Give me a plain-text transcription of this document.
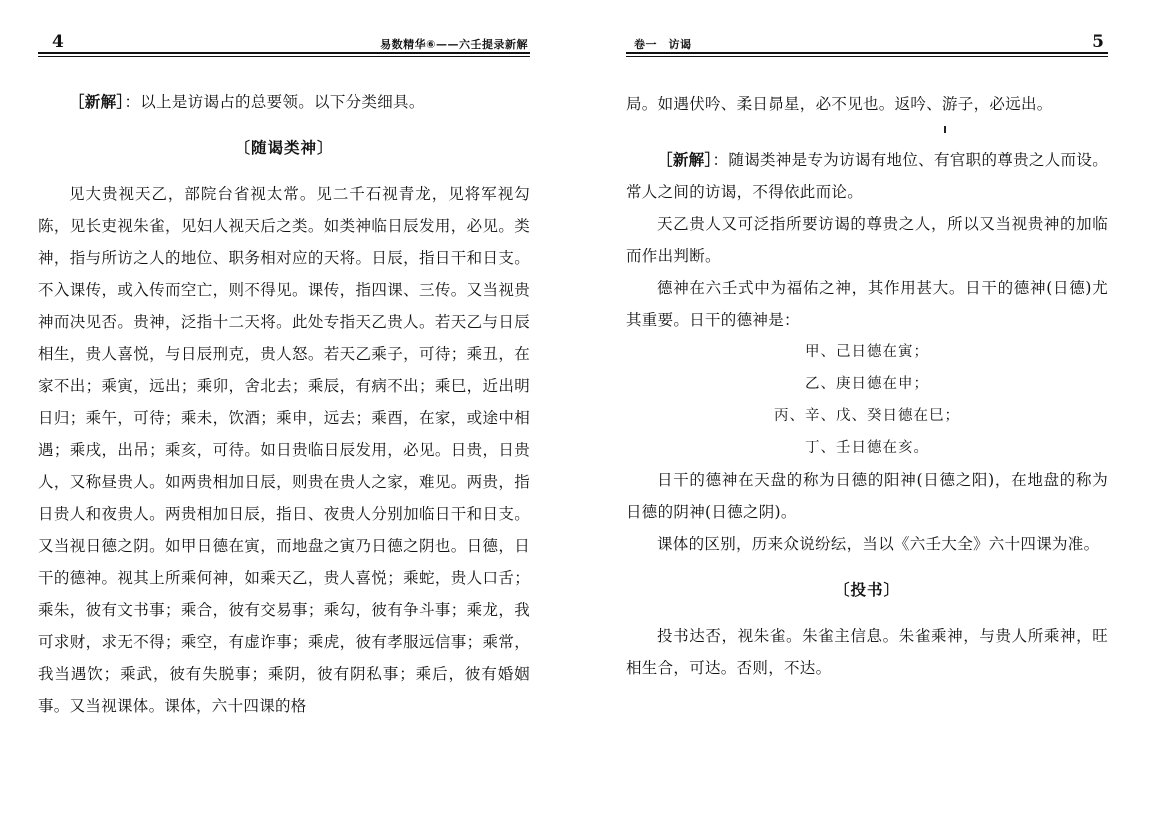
4	易数精华⑥——六壬提录新解

［新解］：以上是访谒占的总要领。以下分类细具。

〔随谒类神〕

见大贵视天乙，部院台省视太常。见二千石视青龙，见将军视勾陈，见长吏视朱雀，见妇人视天后之类。如类神临日辰发用，必见。类神，指与所访之人的地位、职务相对应的天将。日辰，指日干和日支。不入课传，或入传而空亡，则不得见。课传，指四课、三传。又当视贵神而决见否。贵神，泛指十二天将。此处专指天乙贵人。若天乙与日辰相生，贵人喜悦，与日辰刑克，贵人怒。若天乙乘子，可待；乘丑，在家不出；乘寅，远出；乘卯，舍北去；乘辰，有病不出；乘巳，近出明日归；乘午，可待；乘未，饮酒；乘申，远去；乘酉，在家，或途中相遇；乘戌，出吊；乘亥，可待。如日贵临日辰发用，必见。日贵，日贵人，又称昼贵人。如两贵相加日辰，则贵在贵人之家，难见。两贵，指日贵人和夜贵人。两贵相加日辰，指日、夜贵人分别加临日干和日支。又当视日德之阴。如甲日德在寅，而地盘之寅乃日德之阴也。日德，日干的德神。视其上所乘何神，如乘天乙，贵人喜悦；乘蛇，贵人口舌；乘朱，彼有文书事；乘合，彼有交易事；乘勾，彼有争斗事；乘龙，我可求财，求无不得；乘空，有虚诈事；乘虎，彼有孝服远信事；乘常，我当遇饮；乘武，彼有失脱事；乘阴，彼有阴私事；乘后，彼有婚姻事。又当视课体。课体，六十四课的格

卷一　访谒	5

局。如遇伏吟、柔日昴星，必不见也。返吟、游子，必远出。

［新解］：随谒类神是专为访谒有地位、有官职的尊贵之人而设。常人之间的访谒，不得依此而论。

天乙贵人又可泛指所要访谒的尊贵之人，所以又当视贵神的加临而作出判断。

德神在六壬式中为福佑之神，其作用甚大。日干的德神(日德)尤其重要。日干的德神是：

甲、己日德在寅；
乙、庚日德在申；
丙、辛、戊、癸日德在巳；
丁、壬日德在亥。

日干的德神在天盘的称为日德的阳神(日德之阳)，在地盘的称为日德的阴神(日德之阴)。

课体的区别，历来众说纷纭，当以《六壬大全》六十四课为准。

〔投书〕

投书达否，视朱雀。朱雀主信息。朱雀乘神，与贵人所乘神，旺相生合，可达。否则，不达。
